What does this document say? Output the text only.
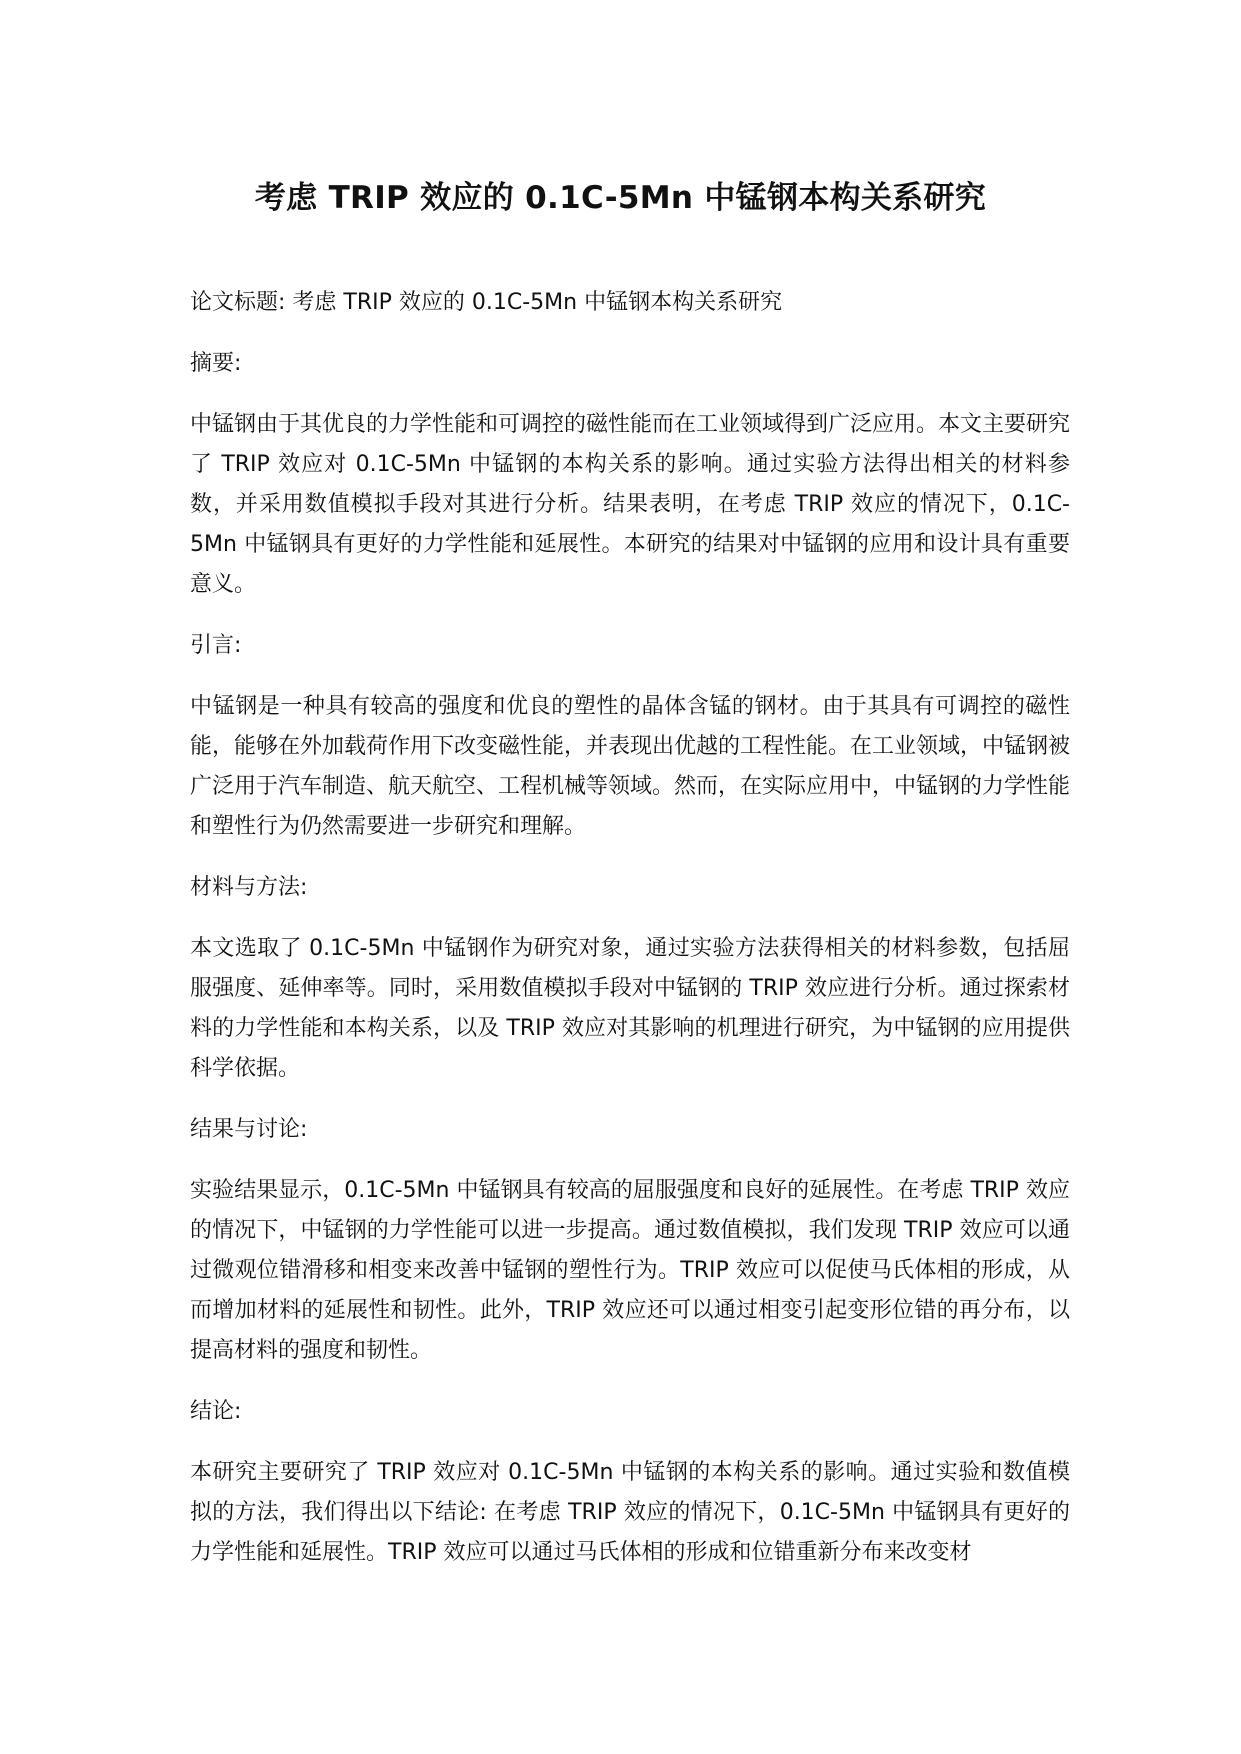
考虑 TRIP 效应的 0.1C-5Mn 中锰钢本构关系研究

论文标题: 考虑 TRIP 效应的 0.1C-5Mn 中锰钢本构关系研究

摘要:

中锰钢由于其优良的力学性能和可调控的磁性能而在工业领域得到广泛应用。本文主要研究了 TRIP 效应对 0.1C-5Mn 中锰钢的本构关系的影响。通过实验方法得出相关的材料参数，并采用数值模拟手段对其进行分析。结果表明，在考虑 TRIP 效应的情况下，0.1C-5Mn 中锰钢具有更好的力学性能和延展性。本研究的结果对中锰钢的应用和设计具有重要意义。

引言:

中锰钢是一种具有较高的强度和优良的塑性的晶体含锰的钢材。由于其具有可调控的磁性能，能够在外加载荷作用下改变磁性能，并表现出优越的工程性能。在工业领域，中锰钢被广泛用于汽车制造、航天航空、工程机械等领域。然而，在实际应用中，中锰钢的力学性能和塑性行为仍然需要进一步研究和理解。

材料与方法:

本文选取了 0.1C-5Mn 中锰钢作为研究对象，通过实验方法获得相关的材料参数，包括屈服强度、延伸率等。同时，采用数值模拟手段对中锰钢的 TRIP 效应进行分析。通过探索材料的力学性能和本构关系，以及 TRIP 效应对其影响的机理进行研究，为中锰钢的应用提供科学依据。

结果与讨论:

实验结果显示，0.1C-5Mn 中锰钢具有较高的屈服强度和良好的延展性。在考虑 TRIP 效应的情况下，中锰钢的力学性能可以进一步提高。通过数值模拟，我们发现 TRIP 效应可以通过微观位错滑移和相变来改善中锰钢的塑性行为。TRIP 效应可以促使马氏体相的形成，从而增加材料的延展性和韧性。此外，TRIP 效应还可以通过相变引起变形位错的再分布，以提高材料的强度和韧性。

结论:

本研究主要研究了 TRIP 效应对 0.1C-5Mn 中锰钢的本构关系的影响。通过实验和数值模拟的方法，我们得出以下结论: 在考虑 TRIP 效应的情况下，0.1C-5Mn 中锰钢具有更好的力学性能和延展性。TRIP 效应可以通过马氏体相的形成和位错重新分布来改变材
